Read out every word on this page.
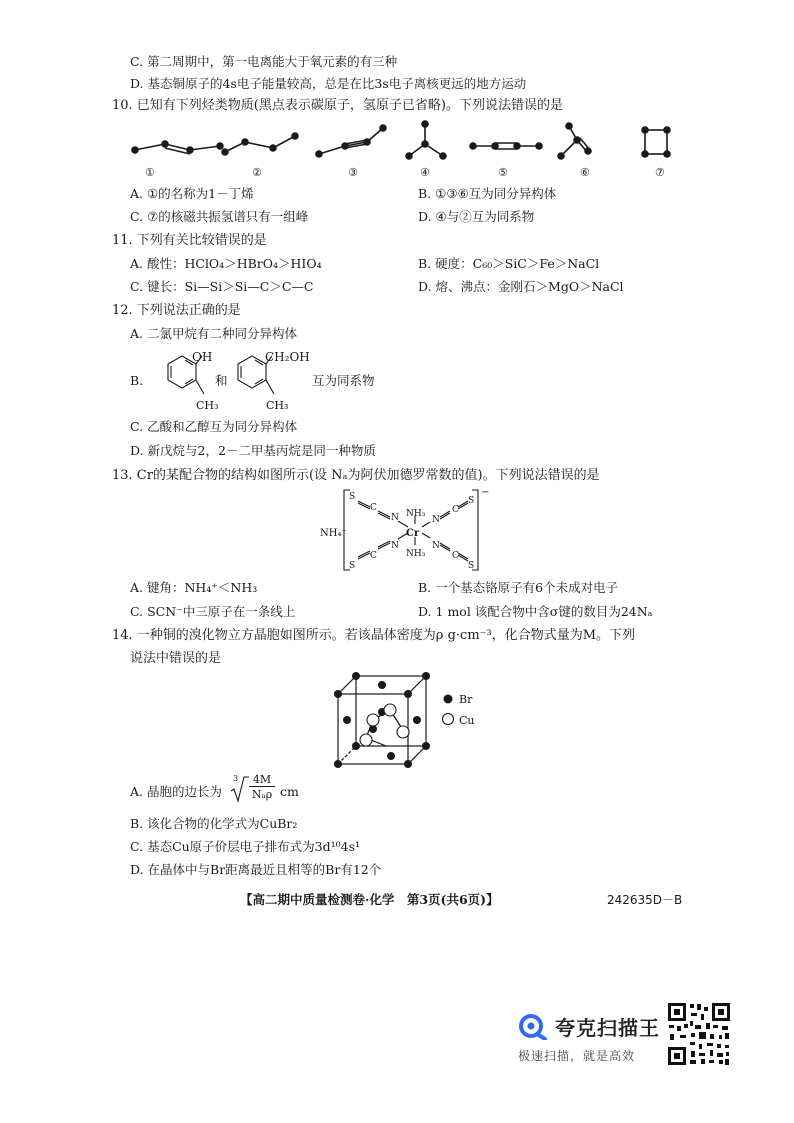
C. 第二周期中，第一电离能大于氧元素的有三种
D. 基态铜原子的4s电子能量较高，总是在比3s电子离核更远的地方运动
10. 已知有下列烃类物质(黑点表示碳原子，氢原子已省略)。下列说法错误的是
①	②	③	④	⑤	⑥	⑦
A. ①的名称为1－丁烯	B. ①③⑥互为同分异构体
C. ⑦的核磁共振氢谱只有一组峰	D. ④与②互为同系物
11. 下列有关比较错误的是
A. 酸性：HClO₄＞HBrO₄＞HIO₄	B. 硬度：C₆₀＞SiC＞Fe＞NaCl
C. 键长：Si—Si＞Si—C＞C—C	D. 熔、沸点：金刚石＞MgO＞NaCl
12. 下列说法正确的是
A. 二氯甲烷有二种同分异构体
B.
OH
CH₃
和
CH₂OH
CH₃
互为同系物
C. 乙酸和乙醇互为同分异构体
D. 新戊烷与2，2－二甲基丙烷是同一种物质
13. Cr的某配合物的结构如图所示(设 Nₐ为阿伏加德罗常数的值)。下列说法错误的是
S
C
N NH₃
Cr
NH₃
N
C
S
S
C
N	N
C
S
−
NH₄⁺
A. 键角：NH₄⁺＜NH₃	B. 一个基态铬原子有6个未成对电子
C. SCN⁻中三原子在一条线上	D. 1 mol 该配合物中含σ键的数目为24Nₐ
14. 一种铜的溴化物立方晶胞如图所示。若该晶体密度为ρ g·cm⁻³，化合物式量为M。下列
说法中错误的是
Br
Cu
A. 晶胞的边长为
3	4M
Nₐρ cm
B. 该化合物的化学式为CuBr₂
C. 基态Cu原子价层电子排布式为3d¹⁰4s¹
D. 在晶体中与Br距离最近且相等的Br有12个
【高二期中质量检测卷·化学　第3页(共6页)】	242635D－B
夸克扫描王
极速扫描，就是高效
